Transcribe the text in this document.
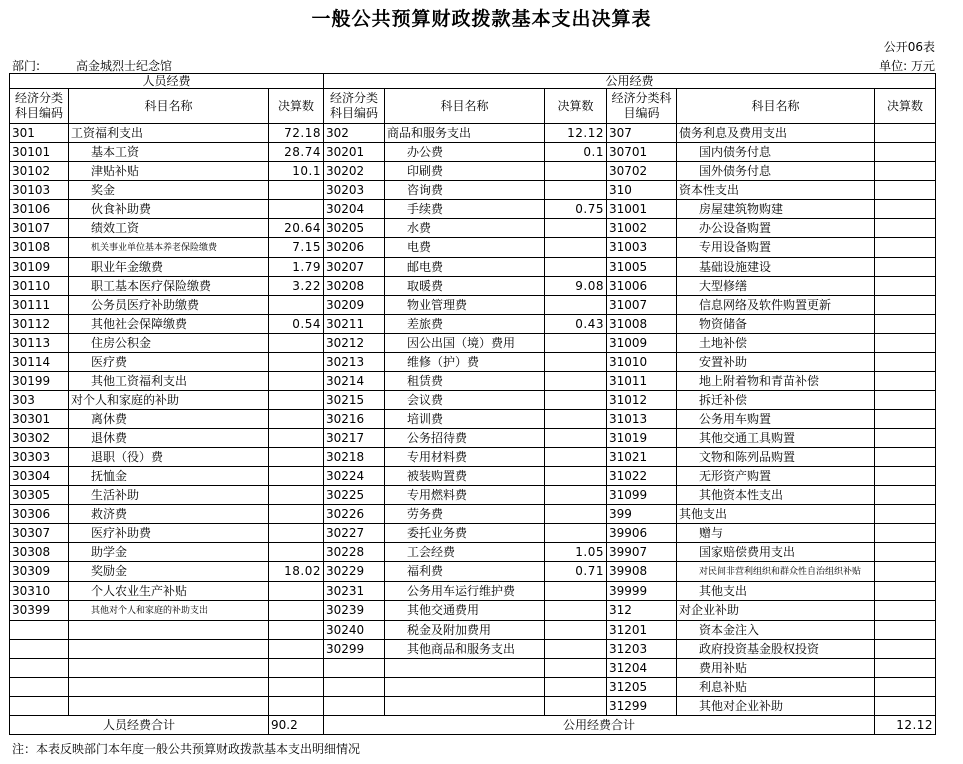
一般公共预算财政拨款基本支出决算表
公开06表
部门:	高金城烈士纪念馆	单位: 万元
人员经费			公用经费					
经济分类科目编码	科目名称	决算数	经济分类科目编码	科目名称	决算数	经济分类科目编码	科目名称	决算数
301	工资福利支出	72.18	302	商品和服务支出	12.12	307	债务利息及费用支出	
30101	基本工资	28.74	30201	办公费	0.1	30701	国内债务付息	
30102	津贴补贴	10.1	30202	印刷费		30702	国外债务付息	
30103	奖金		30203	咨询费		310	资本性支出	
30106	伙食补助费		30204	手续费	0.75	31001	房屋建筑物购建	
30107	绩效工资	20.64	30205	水费		31002	办公设备购置	
30108	机关事业单位基本养老保险缴费	7.15	30206	电费		31003	专用设备购置	
30109	职业年金缴费	1.79	30207	邮电费		31005	基础设施建设	
30110	职工基本医疗保险缴费	3.22	30208	取暖费	9.08	31006	大型修缮	
30111	公务员医疗补助缴费		30209	物业管理费		31007	信息网络及软件购置更新	
30112	其他社会保障缴费	0.54	30211	差旅费	0.43	31008	物资储备	
30113	住房公积金		30212	因公出国（境）费用		31009	土地补偿	
30114	医疗费		30213	维修（护）费		31010	安置补助	
30199	其他工资福利支出		30214	租赁费		31011	地上附着物和青苗补偿	
303	对个人和家庭的补助		30215	会议费		31012	拆迁补偿	
30301	离休费		30216	培训费		31013	公务用车购置	
30302	退休费		30217	公务招待费		31019	其他交通工具购置	
30303	退职（役）费		30218	专用材料费		31021	文物和陈列品购置	
30304	抚恤金		30224	被装购置费		31022	无形资产购置	
30305	生活补助		30225	专用燃料费		31099	其他资本性支出	
30306	救济费		30226	劳务费		399	其他支出	
30307	医疗补助费		30227	委托业务费		39906	赠与	
30308	助学金		30228	工会经费	1.05	39907	国家赔偿费用支出	
30309	奖励金	18.02	30229	福利费	0.71	39908	对民间非营利组织和群众性自治组织补贴	
30310	个人农业生产补贴		30231	公务用车运行维护费		39999	其他支出	
30399	其他对个人和家庭的补助支出		30239	其他交通费用		312	对企业补助	
			30240	税金及附加费用		31201	资本金注入	
			30299	其他商品和服务支出		31203	政府投资基金股权投资	
						31204	费用补贴	
						31205	利息补贴	
						31299	其他对企业补助	
人员经费合计		90.2	公用经费合计					12.12
注：本表反映部门本年度一般公共预算财政拨款基本支出明细情况
